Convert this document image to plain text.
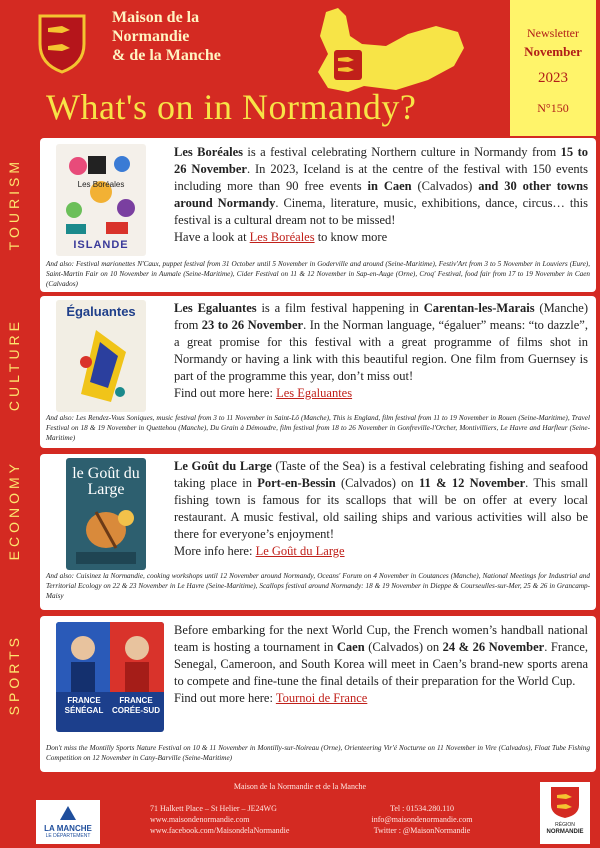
Maison de la
Normandie
& de la Manche
Newsletter
November
2023
N°150
What's on in Normandy?
TOURISM
CULTURE
ECONOMY
SPORTS
ISLANDE
Les Boréales
Les Boréales is a festival celebrating Northern culture in Normandy from 15 to 26 November. In 2023, Iceland is at the centre of the festival with 150 events including more than 90 free events in Caen (Calvados) and 30 other towns around Normandy. Cinema, literature, music, exhibitions, dance, circus… this festival is a cultural dream not to be missed!
Have a look at Les Boréales to know more
And also: Festival marionettes N'Caux, puppet festival from 31 October until 5 November in Goderville and around (Seine-Maritime), Festiv'Art from 3 to 5 November in Louviers (Eure), Saint-Martin Fair on 10 November in Aumale (Seine-Maritime), Cider Festival on 11 & 12 November in Sap-en-Auge (Orne), Croq' Festival, food fair from 17 to 19 November in Caen (Calvados)
Égaluantes	Les Egaluantes is a film festival happening in Carentan-les-Marais (Manche) from 23 to 26 November. In the Norman language, “égaluer” means: “to dazzle”, a great promise for this festival with a great programme of films shot in Normandy or having a link with this beautiful region. One film from Guernsey is part of the programme this year, don’t miss out!
Find out more here: Les Egaluantes
And also: Les Rendez-Vous Soniques, music festival from 3 to 11 November in Saint-Lô (Manche), This is England, film festival from 11 to 19 November in Rouen (Seine-Maritime), Travel Festival on 18 & 19 November in Quettehou (Manche), Du Grain à Démoudre, film festival from 18 to 26 November in Gonfreville-l'Orcher, Montivilliers, Le Havre and Harfleur (Seine-Maritime)
le Goût du Large
Le Goût du Large (Taste of the Sea) is a festival celebrating fishing and seafood taking place in Port-en-Bessin (Calvados) on 11 & 12 November. This small fishing town is famous for its scallops that will be on offer at every local restaurant. A music festival, old sailing ships and various activities will also be there for everyone’s enjoyment!
More info here: Le Goût du Large
And also: Cuisinez la Normandie, cooking workshops until 12 November around Normandy, Oceans' Forum on 4 November in Coutances (Manche), National Meetings for Industrial and Territorial Ecology on 22 & 23 November in Le Havre (Seine-Maritime), Scallops festival around Normandy: 18 & 19 November in Dieppe & Courseulles-sur-Mer, 25 & 26 in Grancamp-Maisy
FRANCE SÉNÉGAL
FRANCE CORÉE-SUD
Before embarking for the next World Cup, the French women’s handball national team is hosting a tournament in Caen (Calvados) on 24 & 26 November. France, Senegal, Cameroon, and South Korea will meet in Caen’s brand-new sports arena to compete and fine-tune the final details of their preparation for the World Cup.
Find out more here: Tournoi de France
Don't miss the Montilly Sports Nature Festival on 10 & 11 November in Montilly-sur-Noireau (Orne), Orienteering Vir'é Nocturne on 11 November in Vire (Calvados), Float Tube Fishing Competition on 12 November in Cany-Barville (Seine-Maritime)
Maison de la Normandie et de la Manche
LA MANCHE
LE DÉPARTEMENT
71 Halkett Place – St Helier – JE24WG
www.maisondenormandie.com
www.facebook.com/MaisondelaNormandie
Tel : 01534.280.110
info@maisondenormandie.com
Twitter : @MaisonNormandie
RÉGION
NORMANDIE
